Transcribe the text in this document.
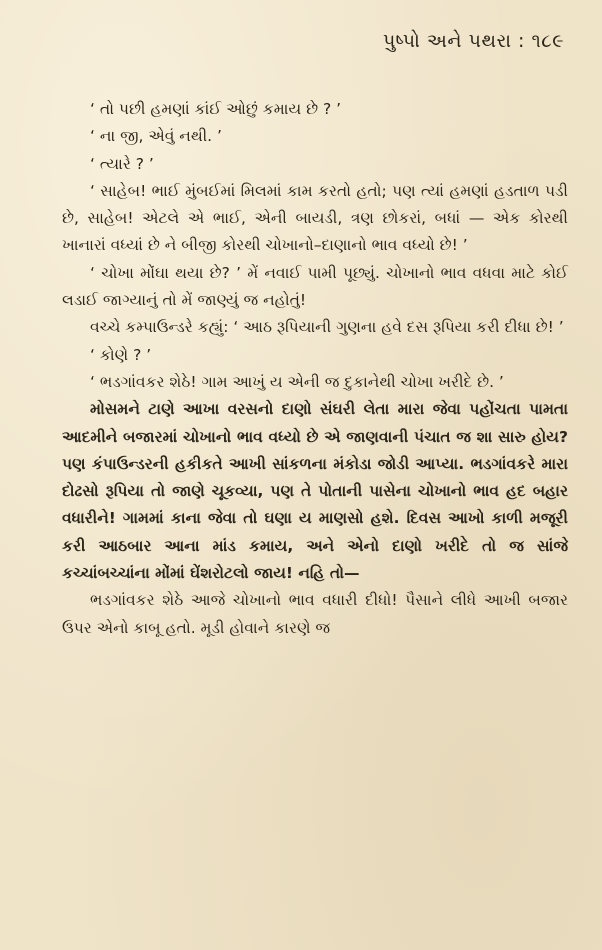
પુષ્પો અને પથરા : ૧૮૯

‘ તો પછી હમણાં કાંઈ ઓછું કમાય છે ? ’

‘ ના જી, એવું નથી. ’

‘ ત્યારે ? ’

‘ સાહેબ! ભાઈ મુંબઈમાં મિલમાં કામ કરતો હતો; પણ ત્યાં હમણાં હડતાળ પડી છે, સાહેબ! એટલે એ ભાઈ, એની બાયડી, ત્રણ છોકરાં, બધાં — એક કોરથી ખાનારાં વધ્યાં છે ને બીજી કોરથી ચોખાનો–દાણાનો ભાવ વધ્યો છે! ’

‘ ચોખા મોંઘા થયા છે? ’ મેં નવાઈ પામી પૂછ્યું. ચોખાનો ભાવ વધવા માટે કોઈ લડાઈ જાગ્યાનું તો મેં જાણ્યું જ નહોતું!

વચ્ચે કમ્પાઉન્ડરે કહ્યું: ‘ આઠ રૂપિયાની ગુણના હવે દસ રૂપિયા કરી દીધા છે! ’

‘ કોણે ? ’

‘ ભડગાંવકર શેઠે! ગામ આખું ય એની જ દુકાનેથી ચોખા ખરીદે છે. ’

મોસમને ટાણે આખા વરસનો દાણો સંઘરી લેતા મારા જેવા પહોંચતા પામતા આદમીને બજારમાં ચોખાનો ભાવ વધ્યો છે એ જાણવાની પંચાત જ શા સારુ હોય? પણ કંપાઉન્ડરની હકીકતે આખી સાંકળના મંકોડા જોડી આપ્યા. ભડગાંવકરે મારા દોઢસો રૂપિયા તો જાણે ચૂકવ્યા, પણ તે પોતાની પાસેના ચોખાનો ભાવ હદ બહાર વધારીને! ગામમાં કાના જેવા તો ઘણા ય માણસો હશે. દિવસ આખો કાળી મજૂરી કરી આઠબાર આના માંડ કમાય, અને એનો દાણો ખરીદે તો જ સાંજે કચ્ચાંબચ્ચાંના મોંમાં ઘેંશરોટલો જાય! નહિ તો—

ભડગાંવકર શેઠે આજે ચોખાનો ભાવ વધારી દીધો! પૈસાને લીધે આખી બજાર ઉપર એનો કાબૂ હતો. મૂડી હોવાને કારણે જ
